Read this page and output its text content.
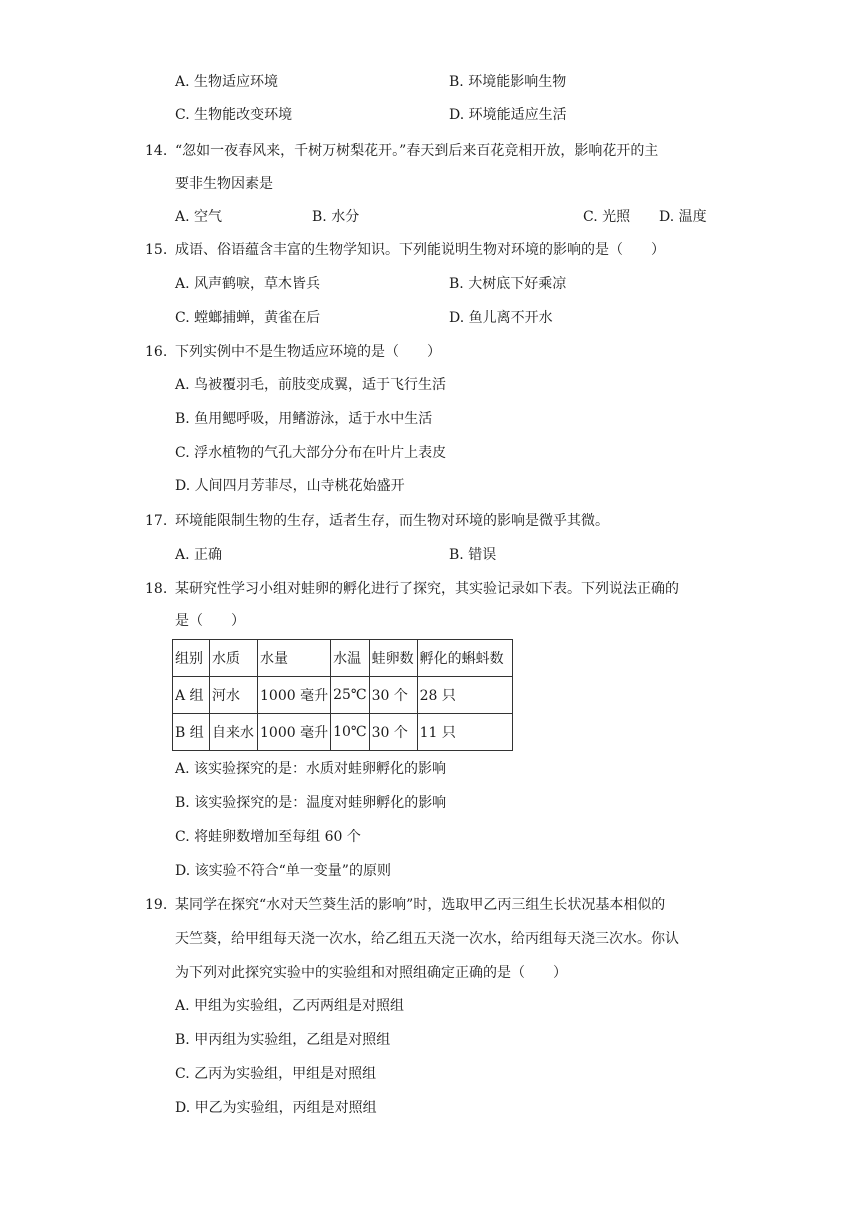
A. 生物适应环境	B. 环境能影响生物
C. 生物能改变环境	D. 环境能适应生活
14. “忽如一夜春风来，千树万树梨花开。”春天到后来百花竞相开放，影响花开的主
要非生物因素是
A. 空气	B. 水分	C. 光照 D. 温度
15. 成语、俗语蕴含丰富的生物学知识。下列能说明生物对环境的影响的是（　　）
A. 风声鹤唳，草木皆兵	B. 大树底下好乘凉
C. 螳螂捕蝉，黄雀在后	D. 鱼儿离不开水
16. 下列实例中不是生物适应环境的是（　　）
A. 鸟被覆羽毛，前肢变成翼，适于飞行生活
B. 鱼用鳃呼吸，用鳍游泳，适于水中生活
C. 浮水植物的气孔大部分分布在叶片上表皮
D. 人间四月芳菲尽，山寺桃花始盛开
17. 环境能限制生物的生存，适者生存，而生物对环境的影响是微乎其微。
A. 正确	B. 错误
18. 某研究性学习小组对蛙卵的孵化进行了探究，其实验记录如下表。下列说法正确的
是（　　）
组别	水质	水量	水温	蛙卵数	孵化的蝌蚪数
A 组	河水	1000 毫升	25℃	30 个	28 只
B 组	自来水	1000 毫升	10℃	30 个	11 只
A. 该实验探究的是：水质对蛙卵孵化的影响
B. 该实验探究的是：温度对蛙卵孵化的影响
C. 将蛙卵数增加至每组 60 个
D. 该实验不符合“单一变量”的原则
19. 某同学在探究“水对天竺葵生活的影响”时，选取甲乙丙三组生长状况基本相似的
天竺葵，给甲组每天浇一次水，给乙组五天浇一次水，给丙组每天浇三次水。你认
为下列对此探究实验中的实验组和对照组确定正确的是（　　）
A. 甲组为实验组，乙丙两组是对照组
B. 甲丙组为实验组，乙组是对照组
C. 乙丙为实验组，甲组是对照组
D. 甲乙为实验组，丙组是对照组
